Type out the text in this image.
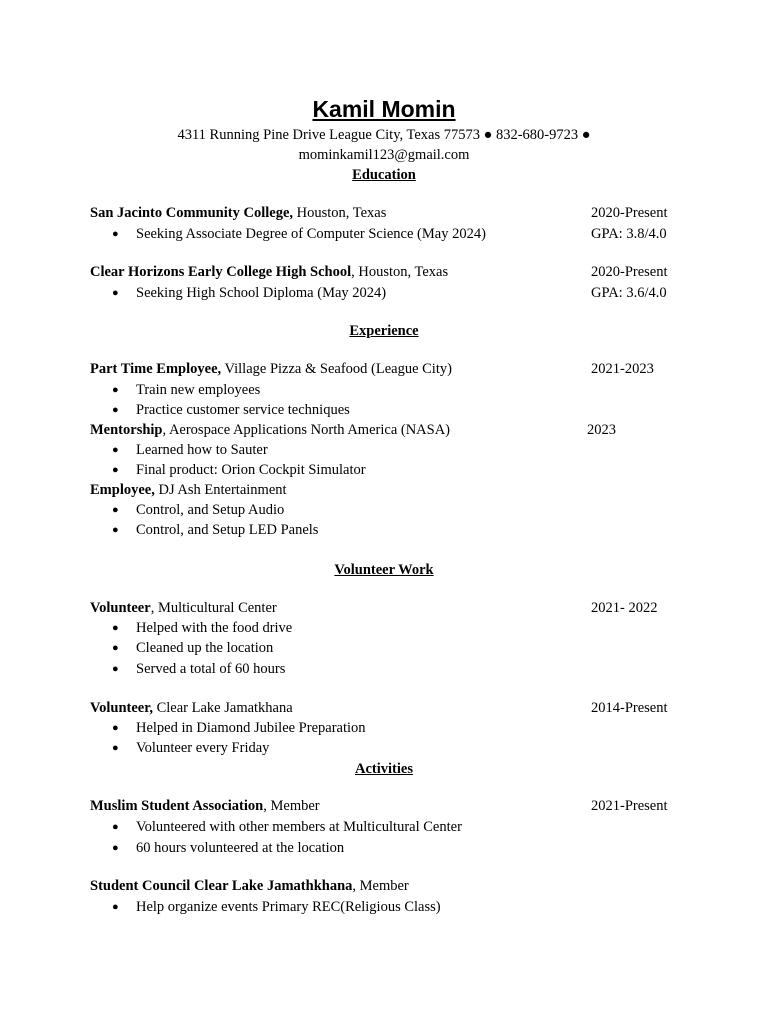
Kamil Momin
4311 Running Pine Drive League City, Texas 77573 ● 832-680-9723 ●
mominkamil123@gmail.com
Education
San Jacinto Community College, Houston, Texas	2020-Present
● Seeking Associate Degree of Computer Science (May 2024)	GPA: 3.8/4.0
Clear Horizons Early College High School, Houston, Texas	2020-Present
● Seeking High School Diploma (May 2024)	GPA: 3.6/4.0
Experience
Part Time Employee, Village Pizza & Seafood (League City)	2021-2023
● Train new employees
● Practice customer service techniques
Mentorship, Aerospace Applications North America (NASA)	2023
● Learned how to Sauter
● Final product: Orion Cockpit Simulator
Employee, DJ Ash Entertainment
● Control, and Setup Audio
● Control, and Setup LED Panels
Volunteer Work
Volunteer, Multicultural Center	2021- 2022
● Helped with the food drive
● Cleaned up the location
● Served a total of 60 hours
Volunteer, Clear Lake Jamatkhana	2014-Present
● Helped in Diamond Jubilee Preparation
● Volunteer every Friday
Activities
Muslim Student Association, Member	2021-Present
● Volunteered with other members at Multicultural Center
● 60 hours volunteered at the location
Student Council Clear Lake Jamathkhana, Member
● Help organize events Primary REC(Religious Class)
